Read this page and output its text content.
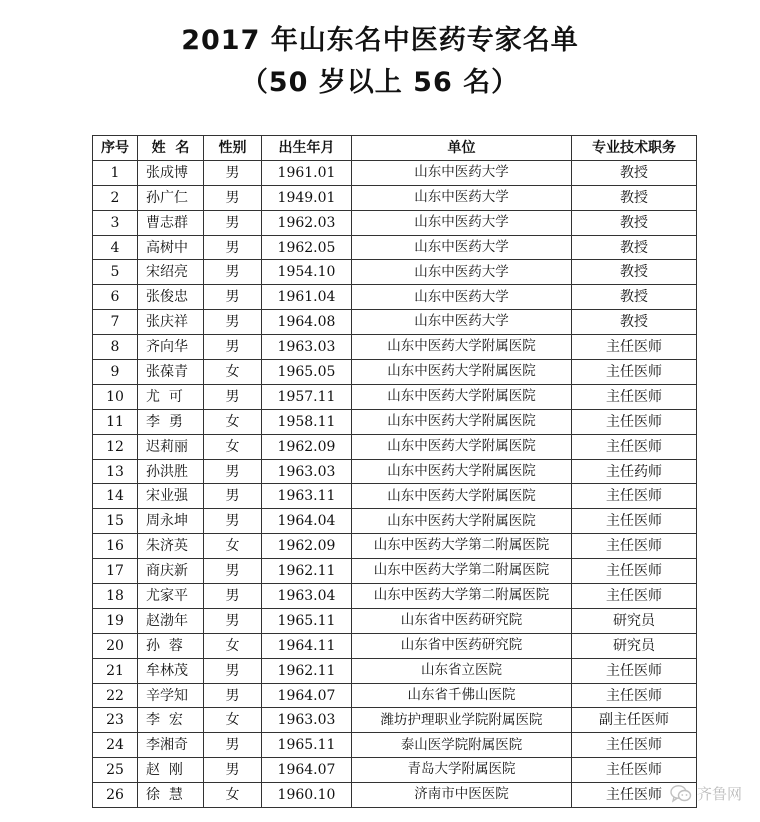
2017 年山东名中医药专家名单
（50 岁以上 56 名）
序号	姓  名	性别	出生年月	单位	专业技术职务
1	张成博	男	1961.01	山东中医药大学	教授
2	孙广仁	男	1949.01	山东中医药大学	教授
3	曹志群	男	1962.03	山东中医药大学	教授
4	高树中	男	1962.05	山东中医药大学	教授
5	宋绍亮	男	1954.10	山东中医药大学	教授
6	张俊忠	男	1961.04	山东中医药大学	教授
7	张庆祥	男	1964.08	山东中医药大学	教授
8	齐向华	男	1963.03	山东中医药大学附属医院	主任医师
9	张葆青	女	1965.05	山东中医药大学附属医院	主任医师
10	尤  可	男	1957.11	山东中医药大学附属医院	主任医师
11	李  勇	女	1958.11	山东中医药大学附属医院	主任医师
12	迟莉丽	女	1962.09	山东中医药大学附属医院	主任医师
13	孙洪胜	男	1963.03	山东中医药大学附属医院	主任药师
14	宋业强	男	1963.11	山东中医药大学附属医院	主任医师
15	周永坤	男	1964.04	山东中医药大学附属医院	主任医师
16	朱济英	女	1962.09	山东中医药大学第二附属医院	主任医师
17	商庆新	男	1962.11	山东中医药大学第二附属医院	主任医师
18	尤家平	男	1963.04	山东中医药大学第二附属医院	主任医师
19	赵渤年	男	1965.11	山东省中医药研究院	研究员
20	孙  蓉	女	1964.11	山东省中医药研究院	研究员
21	牟林茂	男	1962.11	山东省立医院	主任医师
22	辛学知	男	1964.07	山东省千佛山医院	主任医师
23	李  宏	女	1963.03	潍坊护理职业学院附属医院	副主任医师
24	李湘奇	男	1965.11	泰山医学院附属医院	主任医师
25	赵  刚	男	1964.07	青岛大学附属医院	主任医师
26	徐  慧	女	1960.10	济南市中医医院	主任医师 齐鲁网
